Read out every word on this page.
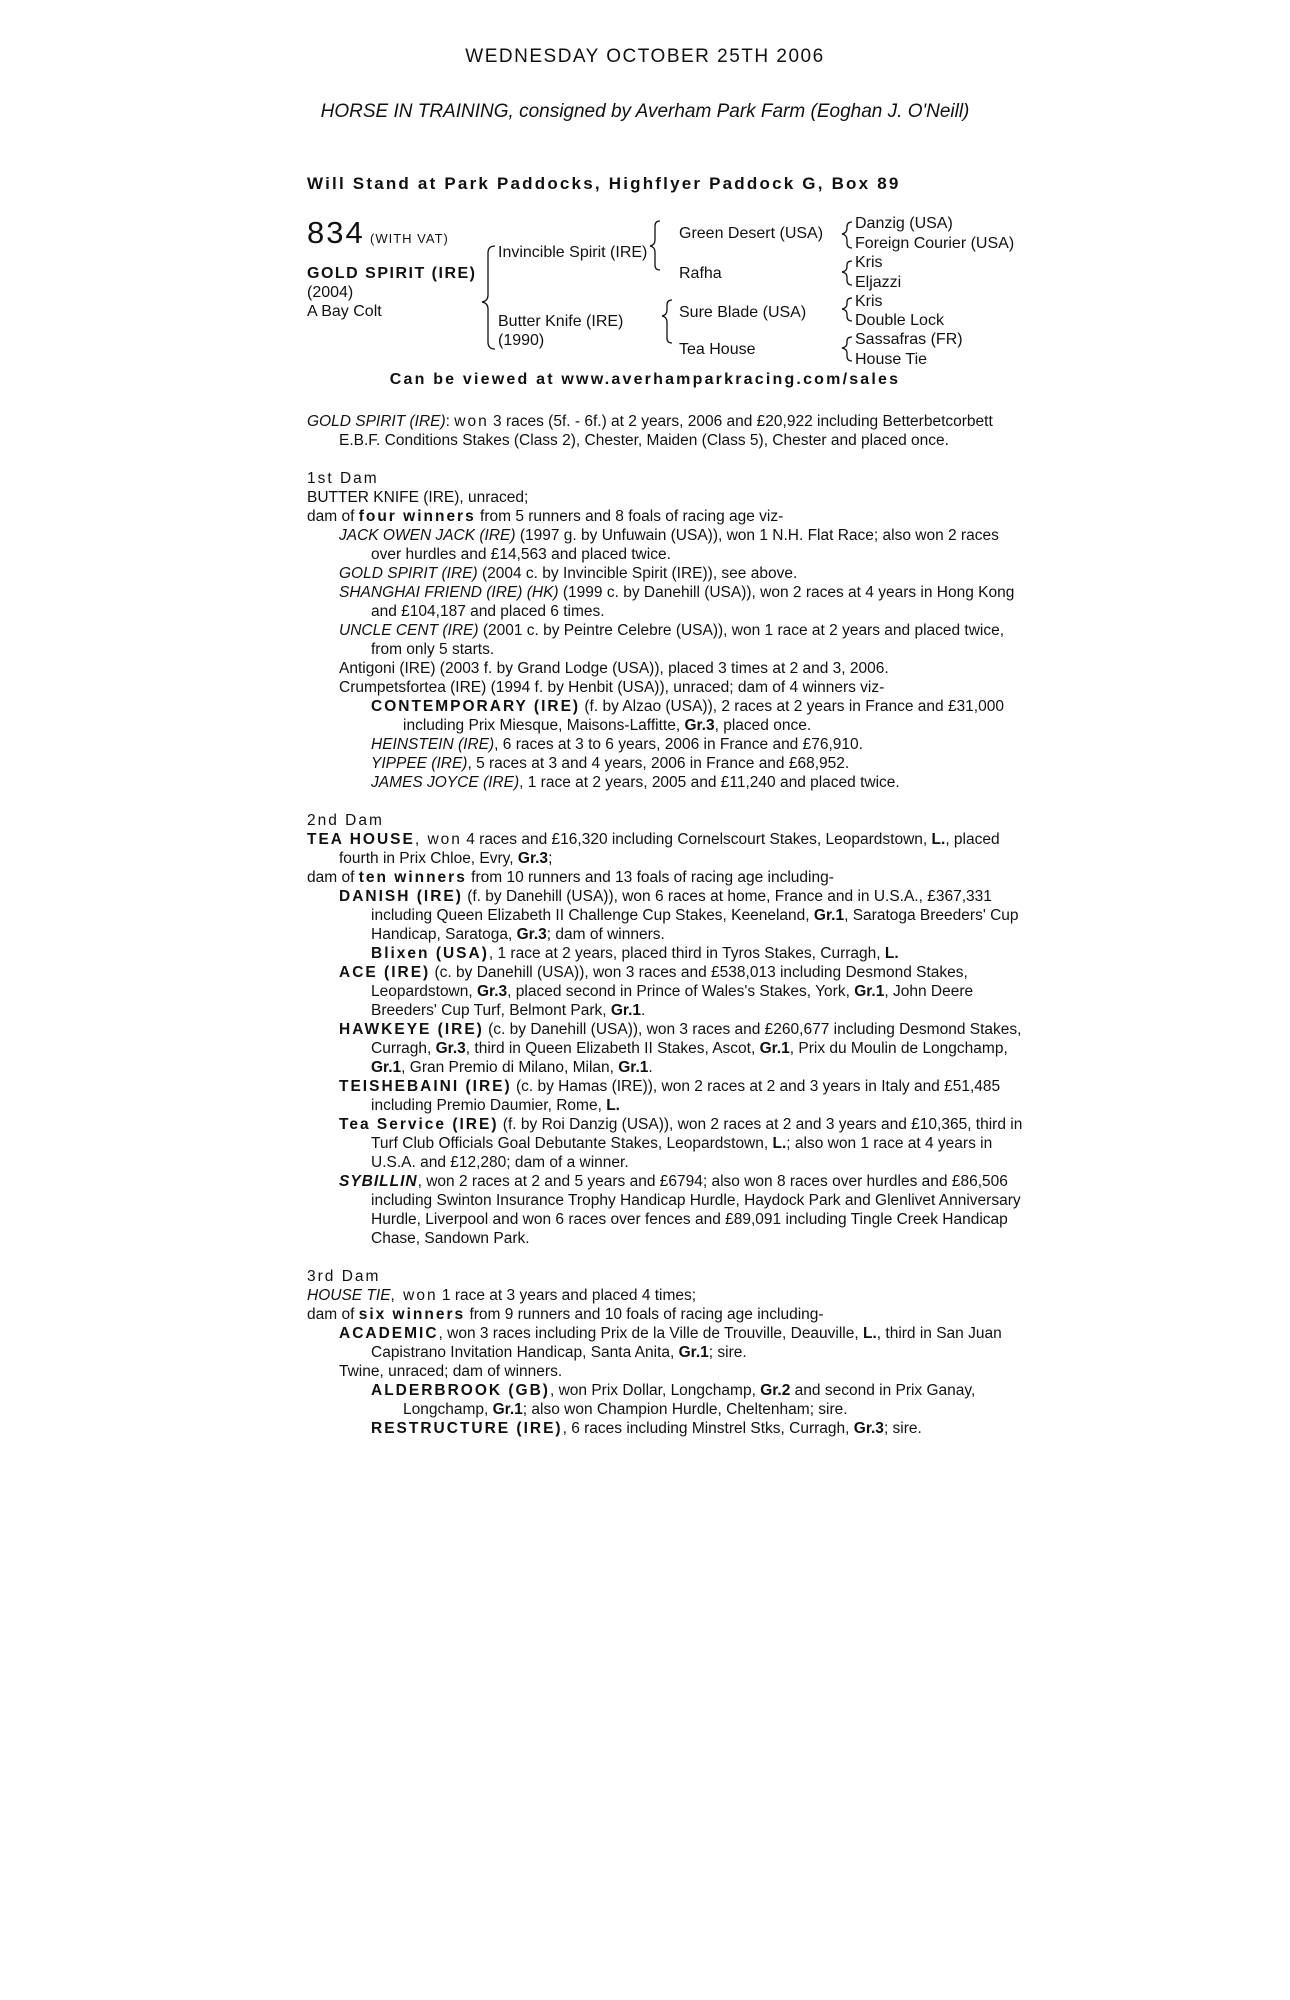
WEDNESDAY OCTOBER 25TH 2006
HORSE IN TRAINING, consigned by Averham Park Farm (Eoghan J. O'Neill)
Will Stand at Park Paddocks, Highflyer Paddock G, Box 89
834 (WITH VAT)
GOLD SPIRIT (IRE)
(2004)
A Bay Colt
Invincible Spirit (IRE)
Butter Knife (IRE)
(1990)
Green Desert (USA)
Rafha
Sure Blade (USA)
Tea House
Danzig (USA)
Foreign Courier (USA)
Kris
Eljazzi
Kris
Double Lock
Sassafras (FR)
House Tie
Can be viewed at www.averhamparkracing.com/sales

GOLD SPIRIT (IRE): won 3 races (5f. - 6f.) at 2 years, 2006 and £20,922 including Betterbetcorbett E.B.F. Conditions Stakes (Class 2), Chester, Maiden (Class 5), Chester and placed once.

1st Dam

BUTTER KNIFE (IRE), unraced;

dam of four winners from 5 runners and 8 foals of racing age viz-

JACK OWEN JACK (IRE) (1997 g. by Unfuwain (USA)), won 1 N.H. Flat Race; also won 2 races over hurdles and £14,563 and placed twice.

GOLD SPIRIT (IRE) (2004 c. by Invincible Spirit (IRE)), see above.

SHANGHAI FRIEND (IRE) (HK) (1999 c. by Danehill (USA)), won 2 races at 4 years in Hong Kong and £104,187 and placed 6 times.

UNCLE CENT (IRE) (2001 c. by Peintre Celebre (USA)), won 1 race at 2 years and placed twice, from only 5 starts.

Antigoni (IRE) (2003 f. by Grand Lodge (USA)), placed 3 times at 2 and 3, 2006.

Crumpetsfortea (IRE) (1994 f. by Henbit (USA)), unraced; dam of 4 winners viz-

CONTEMPORARY (IRE) (f. by Alzao (USA)), 2 races at 2 years in France and £31,000 including Prix Miesque, Maisons-Laffitte, Gr.3, placed once.

HEINSTEIN (IRE), 6 races at 3 to 6 years, 2006 in France and £76,910.

YIPPEE (IRE), 5 races at 3 and 4 years, 2006 in France and £68,952.

JAMES JOYCE (IRE), 1 race at 2 years, 2005 and £11,240 and placed twice.

2nd Dam

TEA HOUSE, won 4 races and £16,320 including Cornelscourt Stakes, Leopardstown, L., placed fourth in Prix Chloe, Evry, Gr.3;

dam of ten winners from 10 runners and 13 foals of racing age including-

DANISH (IRE) (f. by Danehill (USA)), won 6 races at home, France and in U.S.A., £367,331 including Queen Elizabeth II Challenge Cup Stakes, Keeneland, Gr.1, Saratoga Breeders' Cup Handicap, Saratoga, Gr.3; dam of winners.

Blixen (USA), 1 race at 2 years, placed third in Tyros Stakes, Curragh, L.

ACE (IRE) (c. by Danehill (USA)), won 3 races and £538,013 including Desmond Stakes, Leopardstown, Gr.3, placed second in Prince of Wales's Stakes, York, Gr.1, John Deere Breeders' Cup Turf, Belmont Park, Gr.1.

HAWKEYE (IRE) (c. by Danehill (USA)), won 3 races and £260,677 including Desmond Stakes, Curragh, Gr.3, third in Queen Elizabeth II Stakes, Ascot, Gr.1, Prix du Moulin de Longchamp, Gr.1, Gran Premio di Milano, Milan, Gr.1.

TEISHEBAINI (IRE) (c. by Hamas (IRE)), won 2 races at 2 and 3 years in Italy and £51,485 including Premio Daumier, Rome, L.

Tea Service (IRE) (f. by Roi Danzig (USA)), won 2 races at 2 and 3 years and £10,365, third in Turf Club Officials Goal Debutante Stakes, Leopardstown, L.; also won 1 race at 4 years in U.S.A. and £12,280; dam of a winner.

SYBILLIN, won 2 races at 2 and 5 years and £6794; also won 8 races over hurdles and £86,506 including Swinton Insurance Trophy Handicap Hurdle, Haydock Park and Glenlivet Anniversary Hurdle, Liverpool and won 6 races over fences and £89,091 including Tingle Creek Handicap Chase, Sandown Park.

3rd Dam

HOUSE TIE, won 1 race at 3 years and placed 4 times;

dam of six winners from 9 runners and 10 foals of racing age including-

ACADEMIC, won 3 races including Prix de la Ville de Trouville, Deauville, L., third in San Juan Capistrano Invitation Handicap, Santa Anita, Gr.1; sire.

Twine, unraced; dam of winners.

ALDERBROOK (GB), won Prix Dollar, Longchamp, Gr.2 and second in Prix Ganay, Longchamp, Gr.1; also won Champion Hurdle, Cheltenham; sire.

RESTRUCTURE (IRE), 6 races including Minstrel Stks, Curragh, Gr.3; sire.
